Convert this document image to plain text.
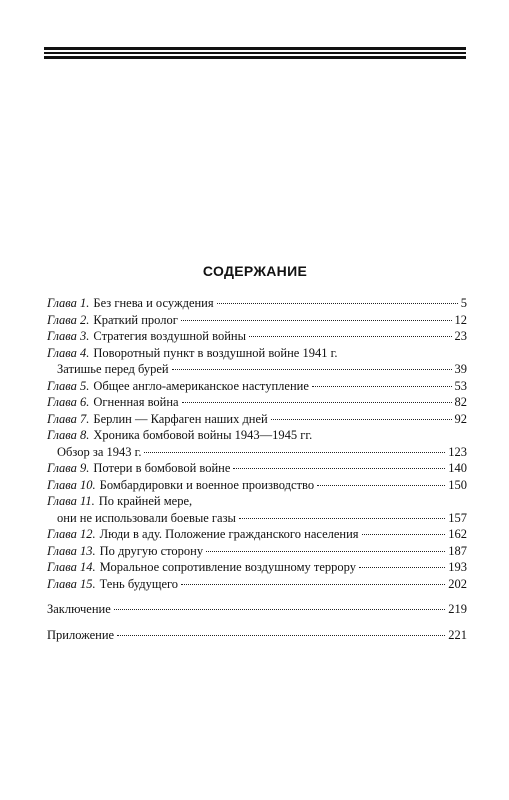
СОДЕРЖАНИЕ
Глава 1. Без гнева и осуждения	5
Глава 2. Краткий пролог	12
Глава 3. Стратегия воздушной войны	23
Глава 4. Поворотный пункт в воздушной войне 1941 г.
Затишье перед бурей	39
Глава 5. Общее англо-американское наступление	53
Глава 6. Огненная война	82
Глава 7. Берлин — Карфаген наших дней	92
Глава 8. Хроника бомбовой войны 1943—1945 гг.
Обзор за 1943 г.	123
Глава 9. Потери в бомбовой войне	140
Глава 10. Бомбардировки и военное производство	150
Глава 11. По крайней мере,
они не использовали боевые газы	157
Глава 12. Люди в аду. Положение гражданского населения	162
Глава 13. По другую сторону	187
Глава 14. Моральное сопротивление воздушному террору	193
Глава 15. Тень будущего	202
Заключение	219
Приложение	221
